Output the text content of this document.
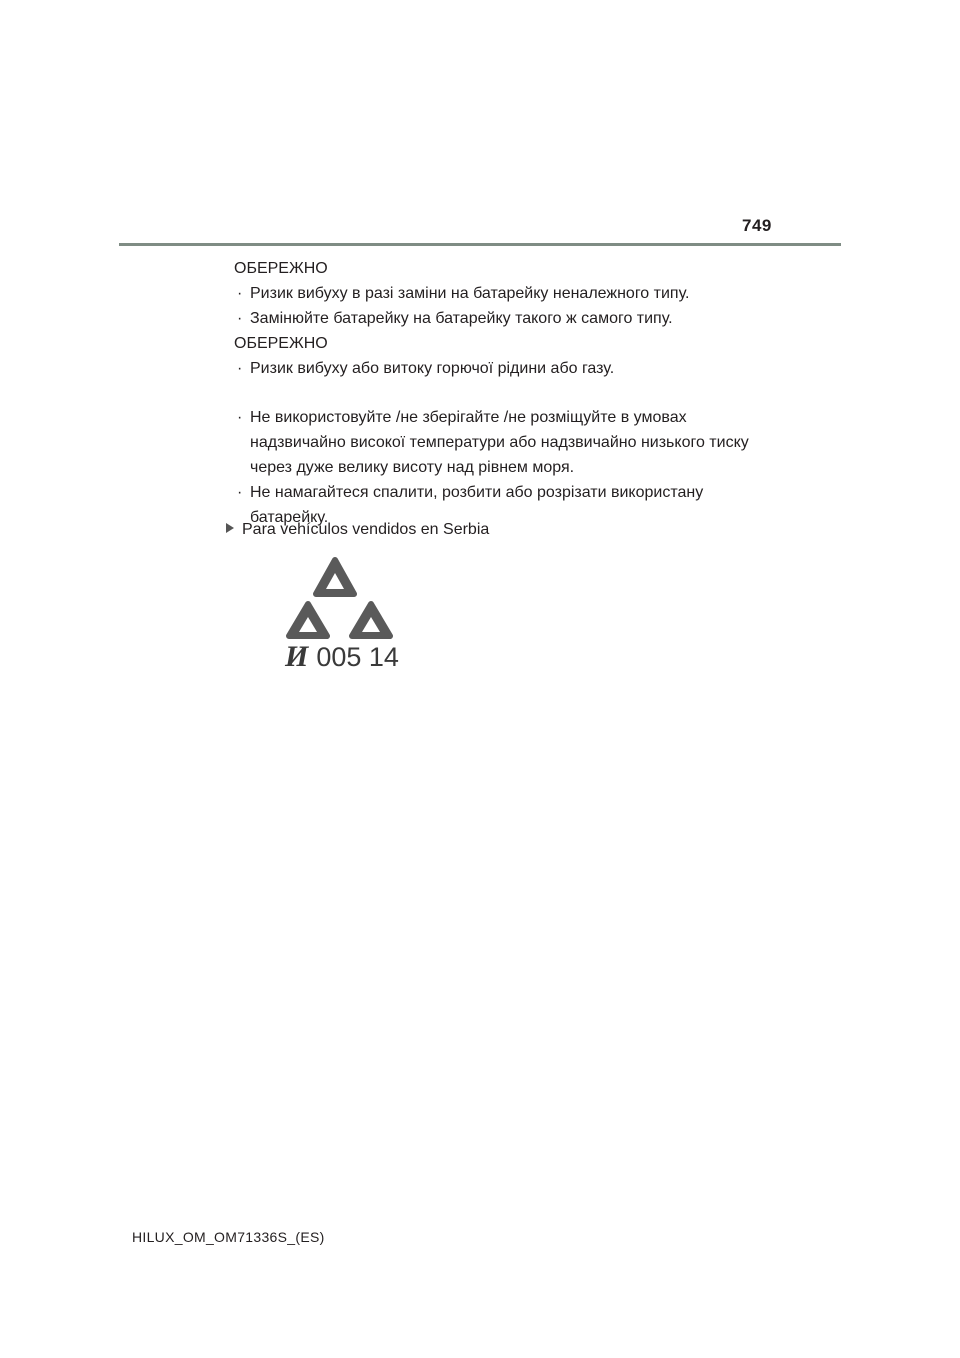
749

ОБЕРЕЖНО

· Ризик вибуху в разі заміни на батарейку неналежного типу.
· Замінюйте батарейку на батарейку такого ж самого типу.

ОБЕРЕЖНО

· Ризик вибуху або витоку горючої рідини або газу.
· Не використовуйте /не зберігайте /не розміщуйте в умовах надзвичайно високої температури або надзвичайно низького тиску через дуже велику висоту над рівнем моря.
· Не намагайтеся спалити, розбити або розрізати використану батарейку.
Para vehículos vendidos en Serbia
И 005 14
HILUX_OM_OM71336S_(ES)
